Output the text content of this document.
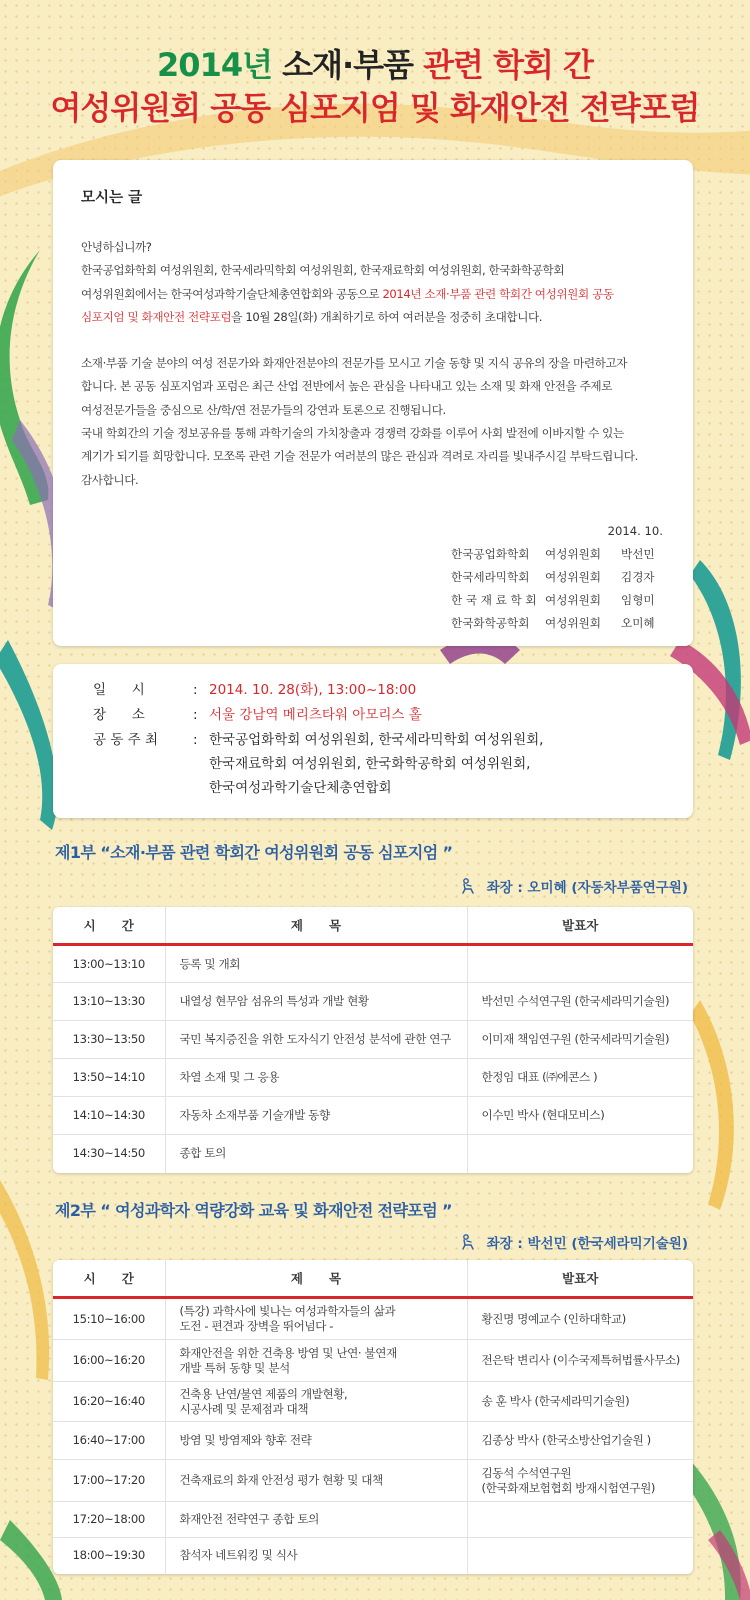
2014년 소재·부품 관련 학회 간
여성위원회 공동 심포지엄 및 화재안전 전략포럼
모시는 글

안녕하십니까?

한국공업화학회 여성위원회, 한국세라믹학회 여성위원회, 한국재료학회 여성위원회, 한국화학공학회

여성위원회에서는 한국여성과학기술단체총연합회와 공동으로 2014년 소재·부품 관련 학회간 여성위원회 공동

심포지엄 및 화재안전 전략포럼을 10월 28일(화) 개최하기로 하여 여러분을 정중히 초대합니다.

소재·부품 기술 분야의 여성 전문가와 화재안전분야의 전문가를 모시고 기술 동향 및 지식 공유의 장을 마련하고자

합니다. 본 공동 심포지엄과 포럼은 최근 산업 전반에서 높은 관심을 나타내고 있는 소재 및 화재 안전을 주제로

여성전문가들을 중심으로 산/학/연 전문가들의 강연과 토론으로 진행됩니다.

국내 학회간의 기술 정보공유를 통해 과학기술의 가치창출과 경쟁력 강화를 이루어 사회 발전에 이바지할 수 있는

계기가 되기를 희망합니다. 모쪼록 관련 기술 전문가 여러분의 많은 관심과 격려로 자리를 빛내주시길 부탁드립니다.

감사합니다.

2014. 10.
한국공업화학회	여성위원회	박선민
한국세라믹학회	여성위원회	김경자
한 국 재 료 학 회 여성위원회	임형미
한국화학공학회	여성위원회	오미혜
일      시	: 2014. 10. 28(화), 13:00~18:00
장      소	: 서울 강남역 메리츠타워 아모리스 홀
공 동 주 최	: 한국공업화학회 여성위원회, 한국세라믹학회 여성위원회,
한국재료학회 여성위원회, 한국화학공학회 여성위원회,
한국여성과학기술단체총연합회
제1부 “소재·부품 관련 학회간 여성위원회 공동 심포지엄 ”
좌장 : 오미혜 (자동차부품연구원)
시      간	제      목	발표자
13:00~13:10	등록 및 개회	

13:10~13:30	내열성 현무암 섬유의 특성과 개발 현황	박선민 수석연구원 (한국세라믹기술원)

13:30~13:50	국민 복지증진을 위한 도자식기 안전성 분석에 관한 연구	이미재 책임연구원 (한국세라믹기술원)

13:50~14:10	차열 소재 및 그 응용	한정임 대표 (㈜에콘스 )

14:10~14:30	자동차 소재부품 기술개발 동향	이수민 박사 (현대모비스)

14:30~14:50	종합 토의	

제2부 “ 여성과학자 역량강화 교육 및 화재안전 전략포럼 ”
좌장 : 박선민 (한국세라믹기술원)
시      간	제      목	발표자
15:10~16:00	(특강) 과학사에 빛나는 여성과학자들의 삶과
도전 - 편견과 장벽을 뛰어넘다 -	황진명 명예교수 (인하대학교)

16:00~16:20	화재안전을 위한 건축용 방염 및 난연· 불연재
개발 특허 동향 및 분석	전은탁 변리사 (이수국제특허법률사무소)

16:20~16:40	건축용 난연/불연 제품의 개발현황,
시공사례 및 문제점과 대책	송 훈 박사 (한국세라믹기술원)

16:40~17:00	방염 및 방염제와 향후 전략	김종상 박사 (한국소방산업기술원 )

17:00~17:20	건축재료의 화재 안전성 평가 현황 및 대책	김동석 수석연구원
(한국화재보험협회 방재시험연구원)

17:20~18:00	화재안전 전략연구 종합 토의	

18:00~19:30	참석자 네트워킹 및 식사	
